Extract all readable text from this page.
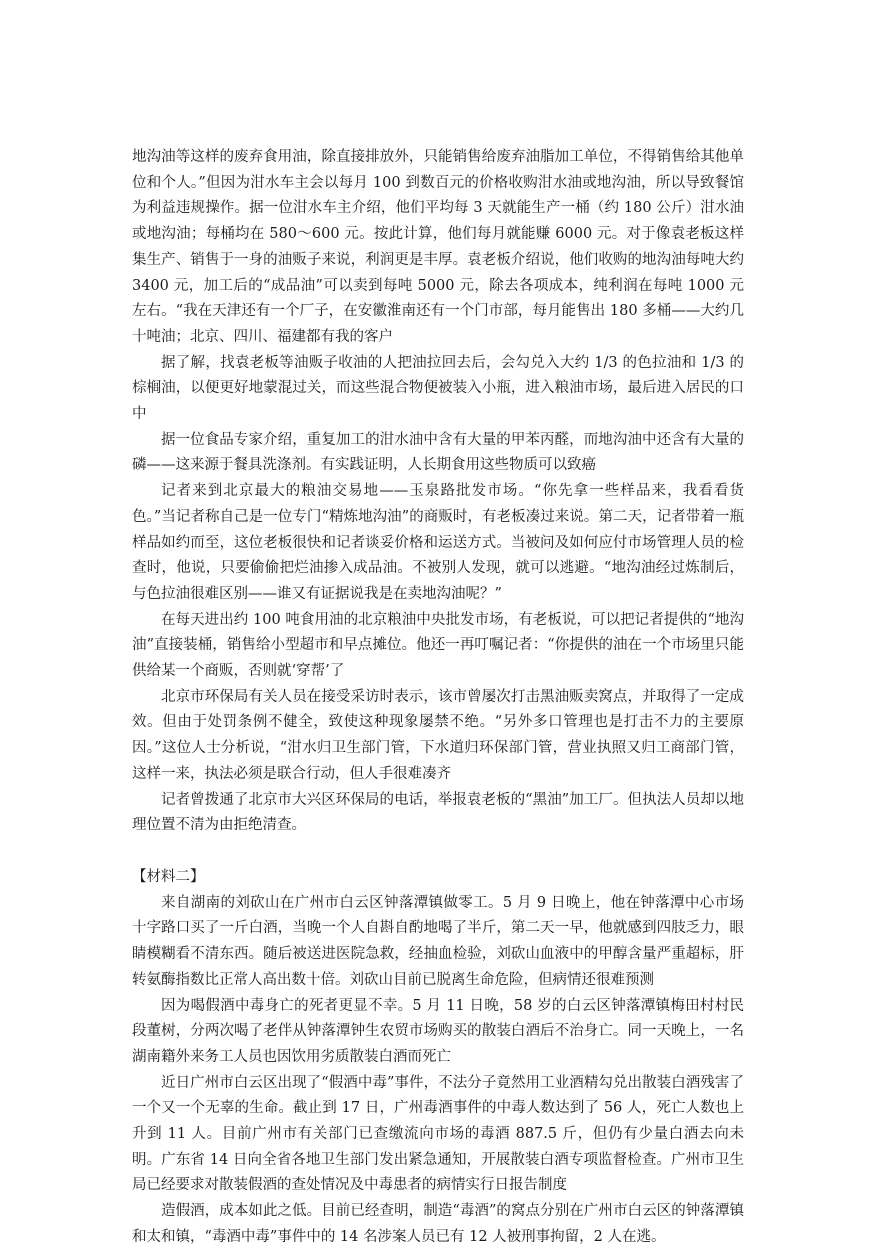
地沟油等这样的废弃食用油，除直接排放外，只能销售给废弃油脂加工单位，不得销售给其他单位和个人。”但因为泔水车主会以每月 100 到数百元的价格收购泔水油或地沟油，所以导致餐馆为利益违规操作。据一位泔水车主介绍，他们平均每 3 天就能生产一桶（约 180 公斤）泔水油或地沟油；每桶均在 580～600 元。按此计算，他们每月就能赚 6000 元。对于像袁老板这样集生产、销售于一身的油贩子来说，利润更是丰厚。袁老板介绍说，他们收购的地沟油每吨大约 3400 元，加工后的“成品油”可以卖到每吨 5000 元，除去各项成本，纯利润在每吨 1000 元左右。“我在天津还有一个厂子，在安徽淮南还有一个门市部，每月能售出 180 多桶——大约几十吨油；北京、四川、福建都有我的客户

据了解，找袁老板等油贩子收油的人把油拉回去后，会勾兑入大约 1/3 的色拉油和 1/3 的棕榈油，以便更好地蒙混过关，而这些混合物便被装入小瓶，进入粮油市场，最后进入居民的口中

据一位食品专家介绍，重复加工的泔水油中含有大量的甲苯丙醛，而地沟油中还含有大量的磷——这来源于餐具洗涤剂。有实践证明，人长期食用这些物质可以致癌

记者来到北京最大的粮油交易地——玉泉路批发市场。“你先拿一些样品来，我看看货色。”当记者称自己是一位专门“精炼地沟油”的商贩时，有老板凑过来说。第二天，记者带着一瓶样品如约而至，这位老板很快和记者谈妥价格和运送方式。当被问及如何应付市场管理人员的检查时，他说，只要偷偷把烂油掺入成品油。不被别人发现，就可以逃避。“地沟油经过炼制后，与色拉油很难区别——谁又有证据说我是在卖地沟油呢？”

在每天进出约 100 吨食用油的北京粮油中央批发市场，有老板说，可以把记者提供的“地沟油”直接装桶，销售给小型超市和早点摊位。他还一再叮嘱记者：“你提供的油在一个市场里只能供给某一个商贩，否则就‘穿帮’了

北京市环保局有关人员在接受采访时表示，该市曾屡次打击黑油贩卖窝点，并取得了一定成效。但由于处罚条例不健全，致使这种现象屡禁不绝。“另外多口管理也是打击不力的主要原因。”这位人士分析说，“泔水归卫生部门管，下水道归环保部门管，营业执照又归工商部门管，这样一来，执法必须是联合行动，但人手很难凑齐

记者曾拨通了北京市大兴区环保局的电话，举报袁老板的“黑油”加工厂。但执法人员却以地理位置不清为由拒绝清查。

【材料二】

来自湖南的刘砍山在广州市白云区钟落潭镇做零工。5 月 9 日晚上，他在钟落潭中心市场十字路口买了一斤白酒，当晚一个人自斟自酌地喝了半斤，第二天一早，他就感到四肢乏力，眼睛模糊看不清东西。随后被送进医院急救，经抽血检验，刘砍山血液中的甲醇含量严重超标，肝转氨酶指数比正常人高出数十倍。刘砍山目前已脱离生命危险，但病情还很难预测

因为喝假酒中毒身亡的死者更显不幸。5 月 11 日晚，58 岁的白云区钟落潭镇梅田村村民段董树，分两次喝了老伴从钟落潭钟生农贸市场购买的散装白酒后不治身亡。同一天晚上，一名湖南籍外来务工人员也因饮用劣质散装白酒而死亡

近日广州市白云区出现了“假酒中毒”事件，不法分子竟然用工业酒精勾兑出散装白酒残害了一个又一个无辜的生命。截止到 17 日，广州毒酒事件的中毒人数达到了 56 人，死亡人数也上升到 11 人。目前广州市有关部门已查缴流向市场的毒酒 887.5 斤，但仍有少量白酒去向未明。广东省 14 日向全省各地卫生部门发出紧急通知，开展散装白酒专项监督检查。广州市卫生局已经要求对散装假酒的查处情况及中毒患者的病情实行日报告制度

造假酒，成本如此之低。目前已经查明，制造“毒酒”的窝点分别在广州市白云区的钟落潭镇和太和镇，“毒酒中毒”事件中的 14 名涉案人员已有 12 人被刑事拘留，2 人在逃。
